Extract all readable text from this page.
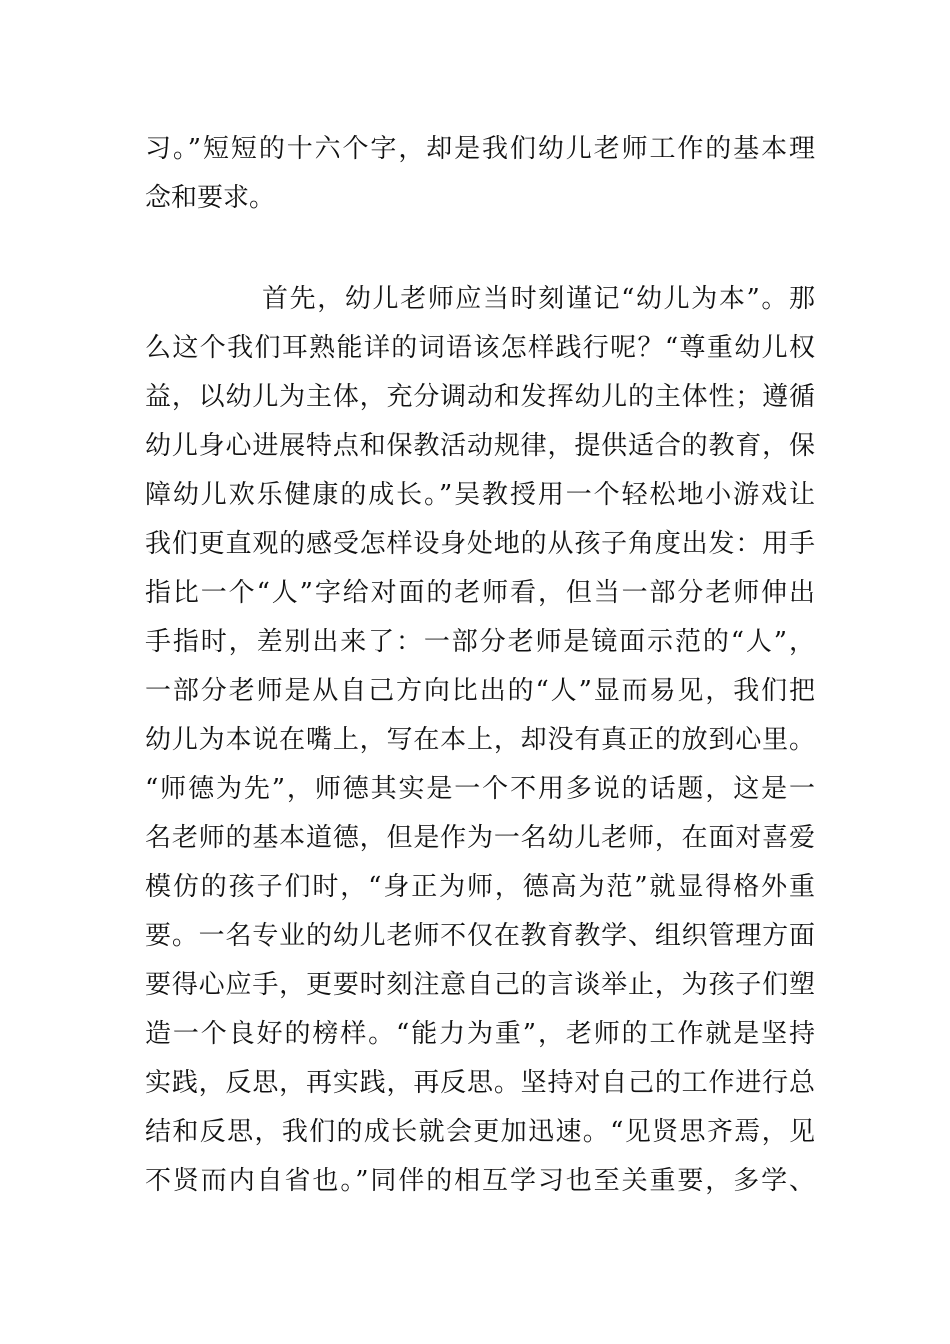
习。”短短的十六个字，却是我们幼儿老师工作的基本理
念和要求。
首先，幼儿老师应当时刻谨记“幼儿为本”。那
么这个我们耳熟能详的词语该怎样践行呢？“尊重幼儿权
益，以幼儿为主体，充分调动和发挥幼儿的主体性；遵循
幼儿身心进展特点和保教活动规律，提供适合的教育，保
障幼儿欢乐健康的成长。”吴教授用一个轻松地小游戏让
我们更直观的感受怎样设身处地的从孩子角度出发：用手
指比一个“人”字给对面的老师看，但当一部分老师伸出
手指时，差别出来了：一部分老师是镜面示范的“人”，
一部分老师是从自己方向比出的“人”显而易见，我们把
幼儿为本说在嘴上，写在本上，却没有真正的放到心里。
“师德为先”，师德其实是一个不用多说的话题，这是一
名老师的基本道德，但是作为一名幼儿老师，在面对喜爱
模仿的孩子们时，“身正为师，德高为范”就显得格外重
要。一名专业的幼儿老师不仅在教育教学、组织管理方面
要得心应手，更要时刻注意自己的言谈举止，为孩子们塑
造一个良好的榜样。“能力为重”，老师的工作就是坚持
实践，反思，再实践，再反思。坚持对自己的工作进行总
结和反思，我们的成长就会更加迅速。“见贤思齐焉，见
不贤而内自省也。”同伴的相互学习也至关重要，多学、
